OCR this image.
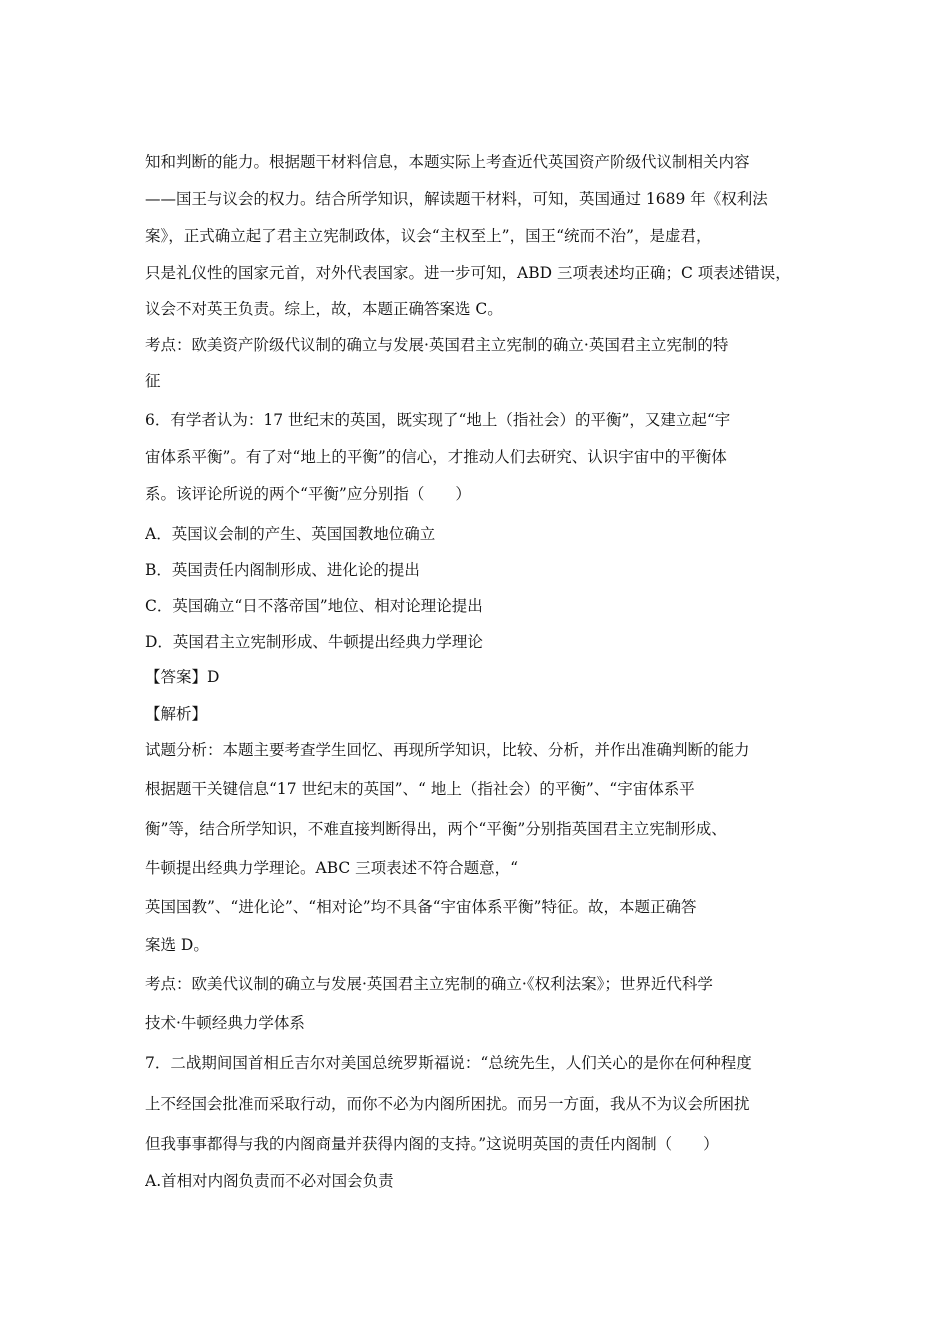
知和判断的能力。根据题干材料信息，本题实际上考查近代英国资产阶级代议制相关内容
——国王与议会的权力。结合所学知识，解读题干材料，可知，英国通过 1689 年《权利法
案》，正式确立起了君主立宪制政体，议会“主权至上”，国王“统而不治”，是虚君，
只是礼仪性的国家元首，对外代表国家。进一步可知，ABD 三项表述均正确；C 项表述错误，
议会不对英王负责。综上，故，本题正确答案选 C。
考点：欧美资产阶级代议制的确立与发展·英国君主立宪制的确立·英国君主立宪制的特
征
6．有学者认为：17 世纪末的英国，既实现了“地上（指社会）的平衡”，又建立起“宇
宙体系平衡”。有了对“地上的平衡”的信心，才推动人们去研究、认识宇宙中的平衡体
系。该评论所说的两个“平衡”应分别指（　　）
A．英国议会制的产生、英国国教地位确立
B．英国责任内阁制形成、进化论的提出
C．英国确立“日不落帝国”地位、相对论理论提出
D．英国君主立宪制形成、牛顿提出经典力学理论
【答案】D
【解析】
试题分析：本题主要考查学生回忆、再现所学知识，比较、分析，并作出准确判断的能力
根据题干关键信息“17 世纪末的英国”、“ 地上（指社会）的平衡”、“宇宙体系平
衡”等，结合所学知识，不难直接判断得出，两个“平衡”分别指英国君主立宪制形成、
牛顿提出经典力学理论。ABC 三项表述不符合题意，“
英国国教”、“进化论”、“相对论”均不具备“宇宙体系平衡”特征。故，本题正确答
案选 D。
考点：欧美代议制的确立与发展·英国君主立宪制的确立·《权利法案》；世界近代科学
技术·牛顿经典力学体系
7．二战期间国首相丘吉尔对美国总统罗斯福说：“总统先生，人们关心的是你在何种程度
上不经国会批准而采取行动，而你不必为内阁所困扰。而另一方面，我从不为议会所困扰
但我事事都得与我的内阁商量并获得内阁的支持。”这说明英国的责任内阁制（　　）
A.首相对内阁负责而不必对国会负责
